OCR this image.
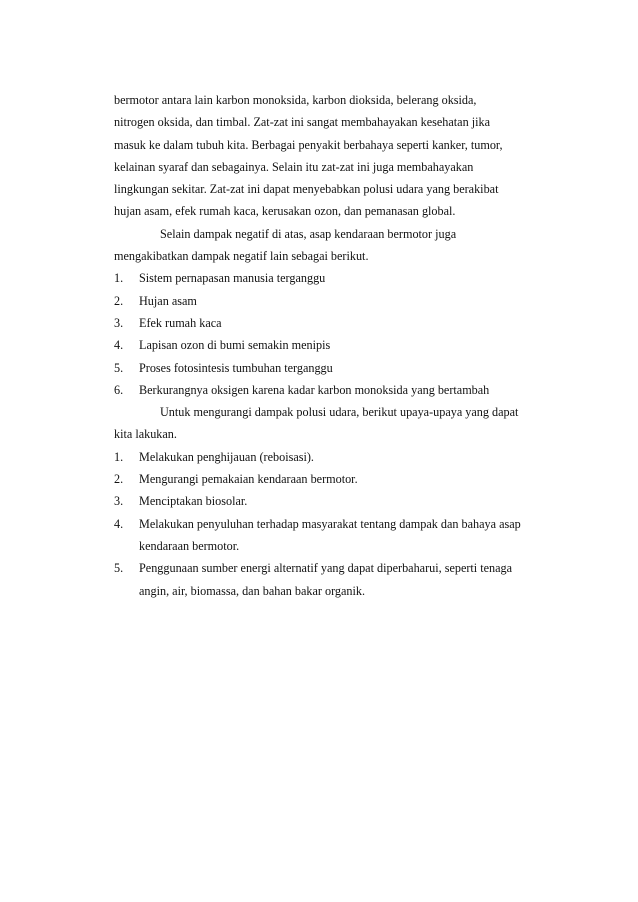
bermotor antara lain karbon monoksida, karbon dioksida, belerang oksida,
nitrogen oksida, dan timbal. Zat-zat ini sangat membahayakan kesehatan jika
masuk ke dalam tubuh kita. Berbagai penyakit berbahaya seperti kanker, tumor,
kelainan syaraf dan sebagainya. Selain itu zat-zat ini juga membahayakan
lingkungan sekitar. Zat-zat ini dapat menyebabkan polusi udara yang berakibat
hujan asam, efek rumah kaca, kerusakan ozon, dan pemanasan global.
Selain dampak negatif di atas, asap kendaraan bermotor juga
mengakibatkan dampak negatif lain sebagai berikut.
1. Sistem pernapasan manusia terganggu
2. Hujan asam
3. Efek rumah kaca
4. Lapisan ozon di bumi semakin menipis
5. Proses fotosintesis tumbuhan terganggu
6. Berkurangnya oksigen karena kadar karbon monoksida yang bertambah
Untuk mengurangi dampak polusi udara, berikut upaya-upaya yang dapat
kita lakukan.
1. Melakukan penghijauan (reboisasi).
2. Mengurangi pemakaian kendaraan bermotor.
3. Menciptakan biosolar.
4. Melakukan penyuluhan terhadap masyarakat tentang dampak dan bahaya asap
kendaraan bermotor.
5. Penggunaan sumber energi alternatif yang dapat diperbaharui, seperti tenaga
angin, air, biomassa, dan bahan bakar organik.
